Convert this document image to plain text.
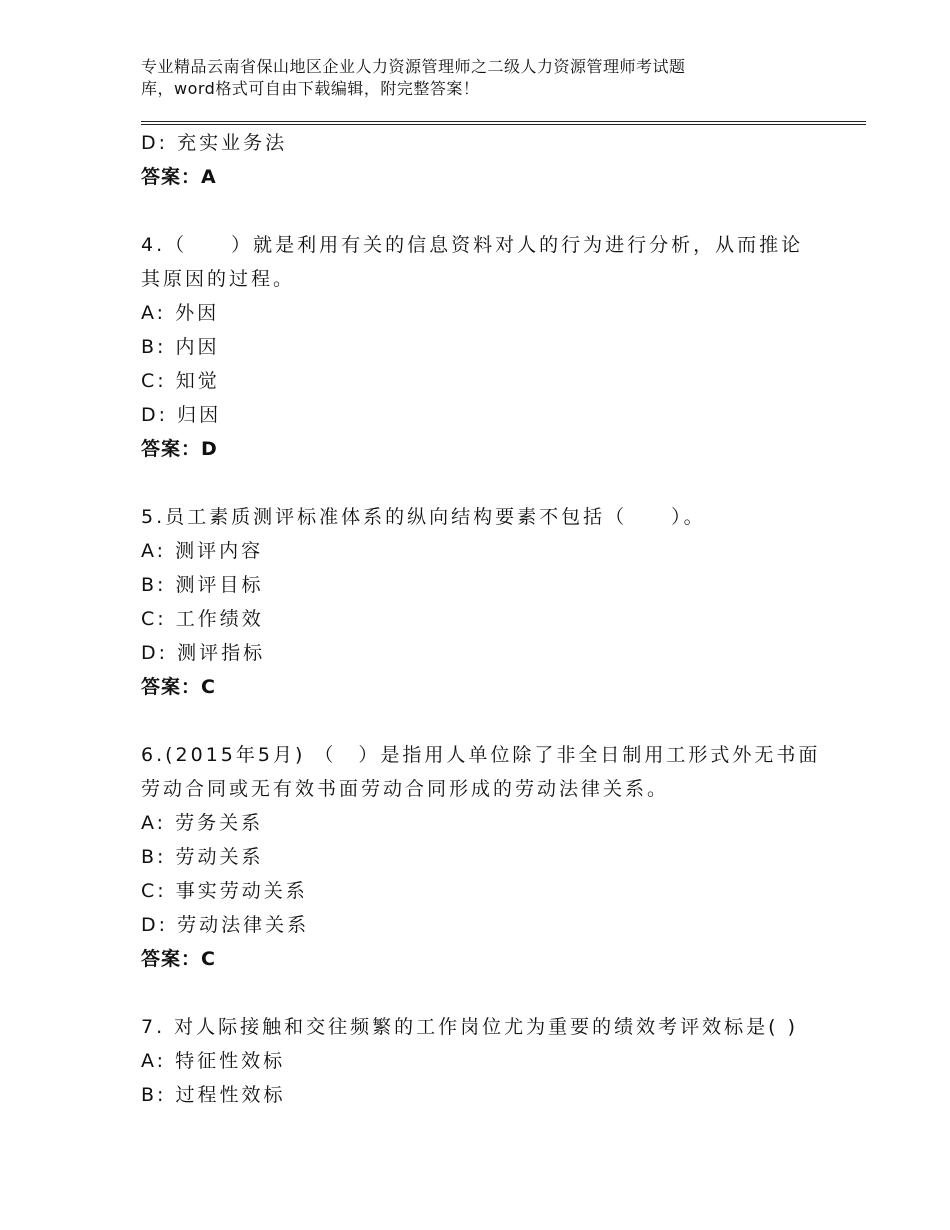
专业精品云南省保山地区企业人力资源管理师之二级人力资源管理师考试题
库，word格式可自由下载编辑，附完整答案！
D: 充实业务法
答案：A
4.（　　）就是利用有关的信息资料对人的行为进行分析，从而推论
其原因的过程。
A: 外因
B: 内因
C: 知觉
D: 归因
答案：D
5.员工素质测评标准体系的纵向结构要素不包括（　　）。
A: 测评内容
B: 测评目标
C: 工作绩效
D: 测评指标
答案：C
6.(2015年5月) （　）是指用人单位除了非全日制用工形式外无书面
劳动合同或无有效书面劳动合同形成的劳动法律关系。
A: 劳务关系
B: 劳动关系
C: 事实劳动关系
D: 劳动法律关系
答案：C
7. 对人际接触和交往频繁的工作岗位尤为重要的绩效考评效标是( )
A: 特征性效标
B: 过程性效标
